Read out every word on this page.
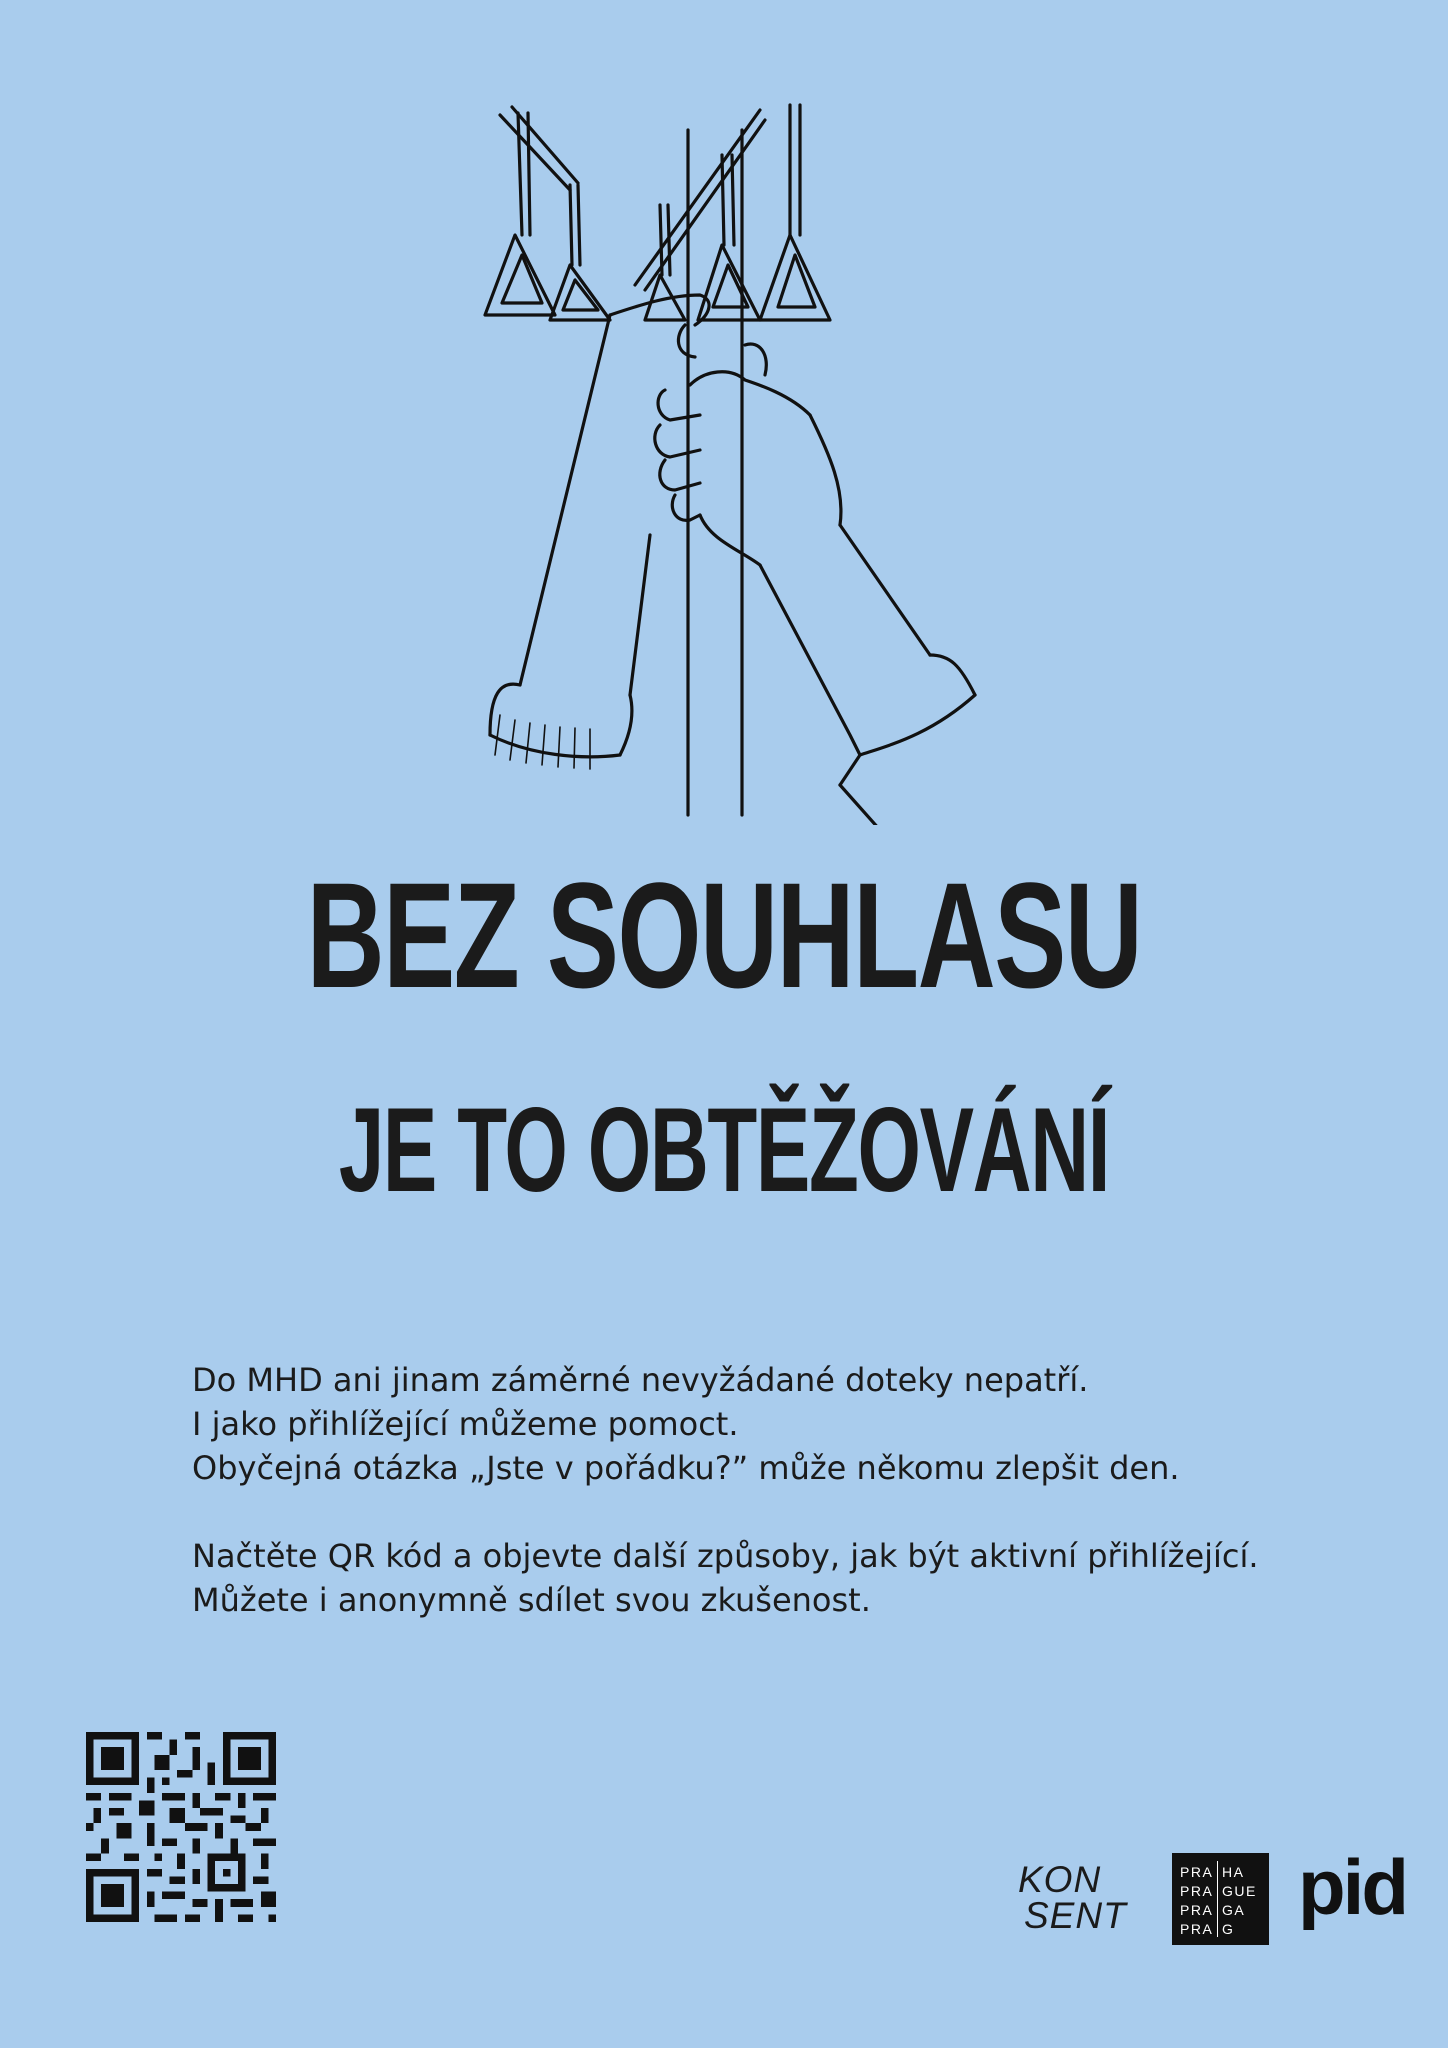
BEZ SOUHLASU
JE TO OBTĚŽOVÁNÍ

Do MHD ani jinam záměrné nevyžádané doteky nepatří.

I jako přihlížející můžeme pomoct.

Obyčejná otázka „Jste v pořádku?” může někomu zlepšit den.

Načtěte QR kód a objevte další způsoby, jak být aktivní přihlížející.

Můžete i anonymně sdílet svou zkušenost.

KON
SENT
PRA
PRA
PRA
PRA
HA
GUE
GA
G pid
